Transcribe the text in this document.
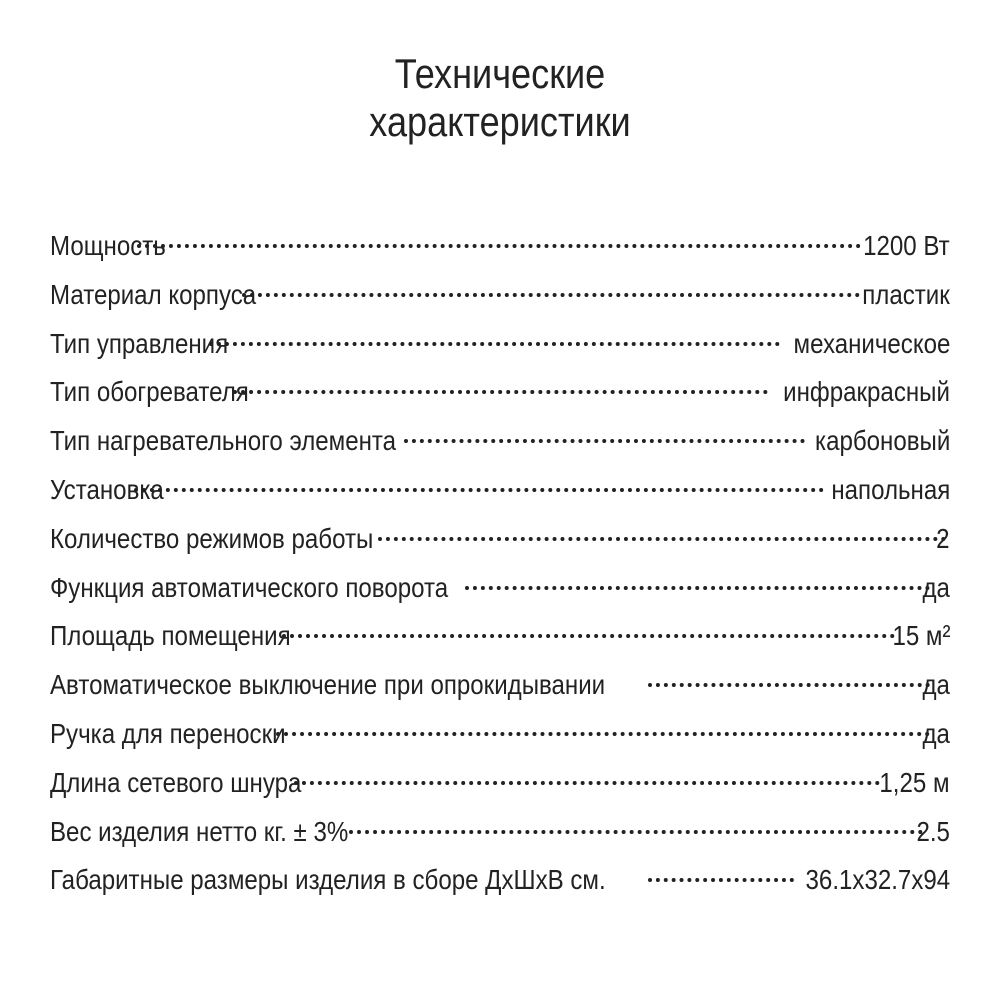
Технические
характеристики
Мощность	1200 Вт
Материал корпуса	пластик
Тип управления	механическое
Тип обогревателя	инфракрасный
Тип нагревательного элемента	карбоновый
Установка	напольная
Количество режимов работы	2
Функция автоматического поворота	да
Площадь помещения	15 м²
Автоматическое выключение при опрокидывании	да
Ручка для переноски	да
Длина сетевого шнура	1,25 м
Вес изделия нетто кг. ± 3%	2.5
Габаритные размеры изделия в сборе ДхШхВ см.	36.1x32.7x94
